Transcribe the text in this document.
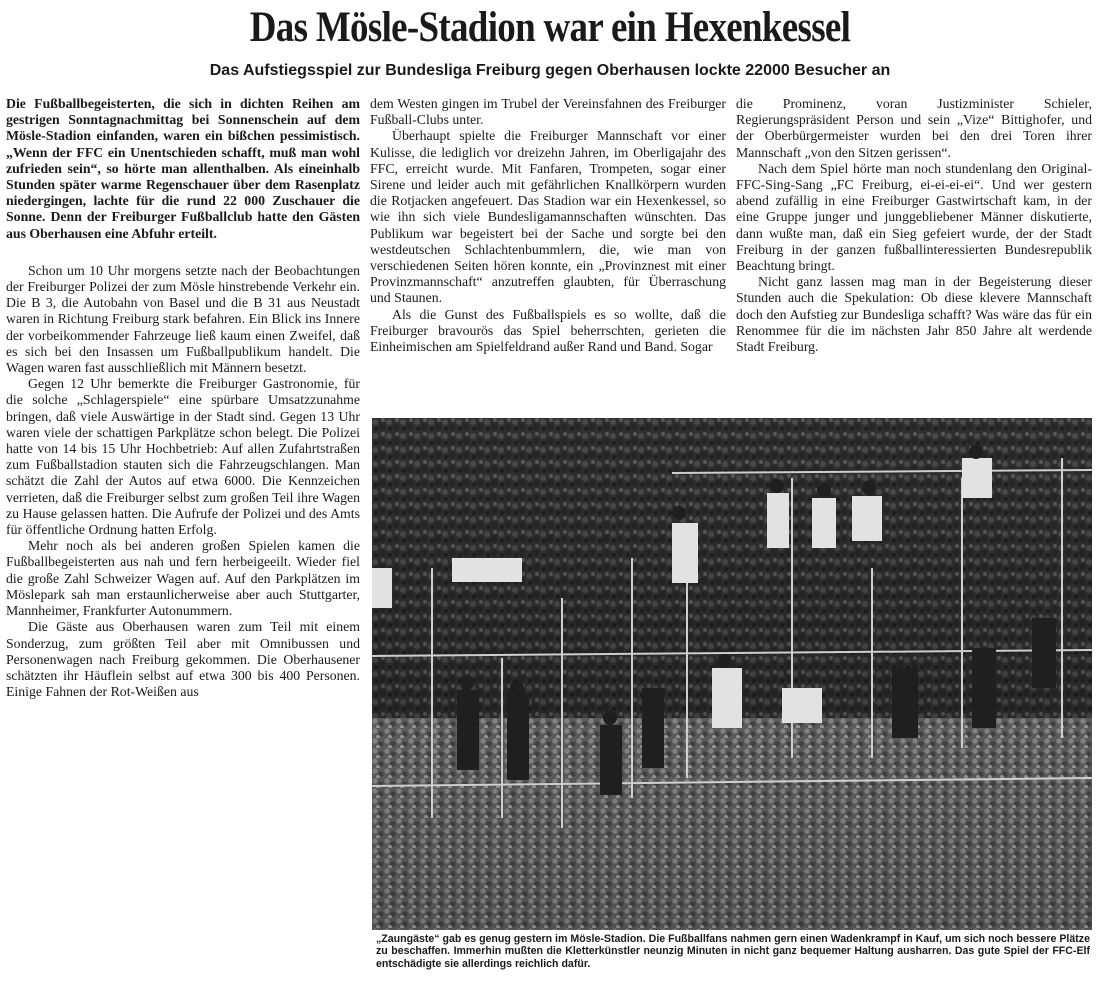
Das Mösle-Stadion war ein Hexenkessel
Das Aufstiegsspiel zur Bundesliga Freiburg gegen Oberhausen lockte 22000 Besucher an

Die Fußballbegeisterten, die sich in dichten Reihen am gestrigen Sonntagnachmittag bei Sonnenschein auf dem Mösle-Stadion einfanden, waren ein bißchen pessimistisch. „Wenn der FFC ein Unentschieden schafft, muß man wohl zufrieden sein“, so hörte man allenthalben. Als eineinhalb Stunden später warme Regenschauer über dem Rasenplatz niedergingen, lachte für die rund 22 000 Zuschauer die Sonne. Denn der Freiburger Fußballclub hatte den Gästen aus Oberhausen eine Abfuhr erteilt.

Schon um 10 Uhr morgens setzte nach der Beobachtungen der Freiburger Polizei der zum Mösle hinstrebende Verkehr ein. Die B 3, die Autobahn von Basel und die B 31 aus Neustadt waren in Richtung Freiburg stark befahren. Ein Blick ins Innere der vorbeikommender Fahrzeuge ließ kaum einen Zweifel, daß es sich bei den Insassen um Fußballpublikum handelt. Die Wagen waren fast ausschließlich mit Männern besetzt.

Gegen 12 Uhr bemerkte die Freiburger Gastronomie, für die solche „Schlagerspiele“ eine spürbare Umsatzzunahme bringen, daß viele Auswärtige in der Stadt sind. Gegen 13 Uhr waren viele der schattigen Parkplätze schon belegt. Die Polizei hatte von 14 bis 15 Uhr Hochbetrieb: Auf allen Zufahrtstraßen zum Fußballstadion stauten sich die Fahrzeugschlangen. Man schätzt die Zahl der Autos auf etwa 6000. Die Kennzeichen verrieten, daß die Freiburger selbst zum großen Teil ihre Wagen zu Hause gelassen hatten. Die Aufrufe der Polizei und des Amts für öffentliche Ordnung hatten Erfolg.

Mehr noch als bei anderen großen Spielen kamen die Fußballbegeisterten aus nah und fern herbeigeeilt. Wieder fiel die große Zahl Schweizer Wagen auf. Auf den Parkplätzen im Möslepark sah man erstaunlicherweise aber auch Stuttgarter, Mannheimer, Frankfurter Autonummern.

Die Gäste aus Oberhausen waren zum Teil mit einem Sonderzug, zum größten Teil aber mit Omnibussen und Personenwagen nach Freiburg gekommen. Die Oberhausener schätzten ihr Häuflein selbst auf etwa 300 bis 400 Personen. Einige Fahnen der Rot-Weißen aus

dem Westen gingen im Trubel der Vereinsfahnen des Freiburger Fußball-Clubs unter.

Überhaupt spielte die Freiburger Mannschaft vor einer Kulisse, die lediglich vor dreizehn Jahren, im Oberligajahr des FFC, erreicht wurde. Mit Fanfaren, Trompeten, sogar einer Sirene und leider auch mit gefährlichen Knallkörpern wurden die Rotjacken angefeuert. Das Stadion war ein Hexenkessel, so wie ihn sich viele Bundesligamannschaften wünschten. Das Publikum war begeistert bei der Sache und sorgte bei den westdeutschen Schlachtenbummlern, die, wie man von verschiedenen Seiten hören konnte, ein „Provinznest mit einer Provinzmannschaft“ anzutreffen glaubten, für Überraschung und Staunen.

Als die Gunst des Fußballspiels es so wollte, daß die Freiburger bravourös das Spiel beherrschten, gerieten die Einheimischen am Spielfeldrand außer Rand und Band. Sogar

die Prominenz, voran Justizminister Schieler, Regierungspräsident Person und sein „Vize“ Bittighofer, und der Oberbürgermeister wurden bei den drei Toren ihrer Mannschaft „von den Sitzen gerissen“.

Nach dem Spiel hörte man noch stundenlang den Original-FFC-Sing-Sang „FC Freiburg, ei-ei-ei-ei“. Und wer gestern abend zufällig in eine Freiburger Gastwirtschaft kam, in der eine Gruppe junger und junggebliebener Männer diskutierte, dann wußte man, daß ein Sieg gefeiert wurde, der der Stadt Freiburg in der ganzen fußballinteressierten Bundesrepublik Beachtung bringt.

Nicht ganz lassen mag man in der Begeisterung dieser Stunden auch die Spekulation: Ob diese klevere Mannschaft doch den Aufstieg zur Bundesliga schafft? Was wäre das für ein Renommee für die im nächsten Jahr 850 Jahre alt werdende Stadt Freiburg.

„Zaungäste“ gab es genug gestern im Mösle-Stadion. Die Fußballfans nahmen gern einen Wadenkrampf in Kauf, um sich noch bessere Plätze zu beschaffen. Immerhin mußten die Kletterkünstler neunzig Minuten in nicht ganz bequemer Haltung ausharren. Das gute Spiel der FFC-Elf entschädigte sie allerdings reichlich dafür.
